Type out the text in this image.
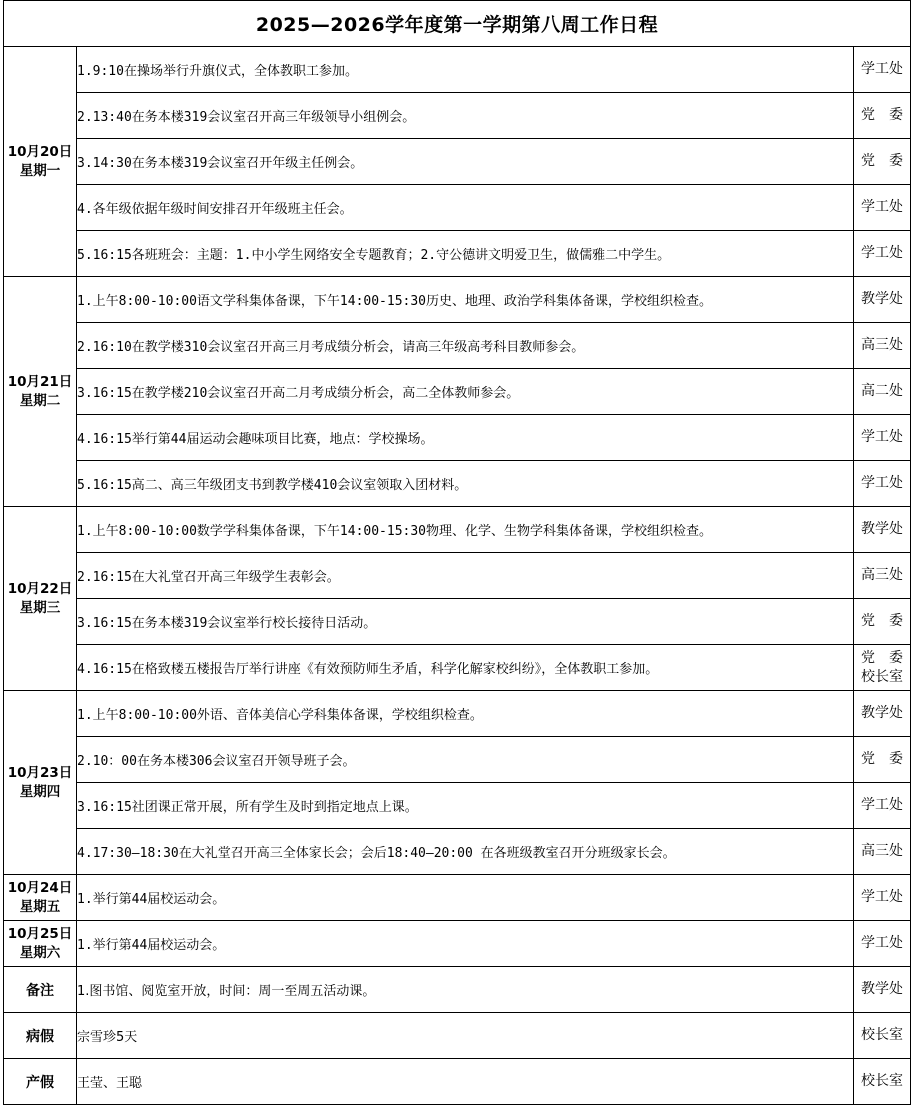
2025—2026学年度第一学期第八周工作日程		

10月20日
星期一	1.9:10在操场举行升旗仪式，全体教职工参加。	学工处

	2.13:40在务本楼319会议室召开高三年级领导小组例会。	党　委

	3.14:30在务本楼319会议室召开年级主任例会。	党　委

	4.各年级依据年级时间安排召开年级班主任会。	学工处

	5.16:15各班班会：主题：1.中小学生网络安全专题教育；2.守公德讲文明爱卫生，做儒雅二中学生。	学工处

10月21日
星期二	1.上午8:00-10:00语文学科集体备课，下午14:00-15:30历史、地理、政治学科集体备课，学校组织检查。	教学处

	2.16:10在教学楼310会议室召开高三月考成绩分析会，请高三年级高考科目教师参会。	高三处

	3.16:15在教学楼210会议室召开高二月考成绩分析会，高二全体教师参会。	高二处

	4.16:15举行第44届运动会趣味项目比赛，地点：学校操场。	学工处

	5.16:15高二、高三年级团支书到教学楼410会议室领取入团材料。	学工处

10月22日
星期三	1.上午8:00-10:00数学学科集体备课，下午14:00-15:30物理、化学、生物学科集体备课，学校组织检查。	教学处

	2.16:15在大礼堂召开高三年级学生表彰会。	高三处

	3.16:15在务本楼319会议室举行校长接待日活动。	党　委

	4.16:15在格致楼五楼报告厅举行讲座《有效预防师生矛盾，科学化解家校纠纷》，全体教职工参加。	党　委
校长室

10月23日
星期四	1.上午8:00-10:00外语、音体美信心学科集体备课，学校组织检查。	教学处

	2.10：00在务本楼306会议室召开领导班子会。	党　委

	3.16:15社团课正常开展，所有学生及时到指定地点上课。	学工处

	4.17:30—18:30在大礼堂召开高三全体家长会；会后18:40—20:00 在各班级教室召开分班级家长会。	高三处

10月24日
星期五	1.举行第44届校运动会。	学工处

10月25日
星期六	1.举行第44届校运动会。	学工处

备注	1.图书馆、阅览室开放，时间：周一至周五活动课。	教学处
病假	宗雪珍5天	校长室
产假	王莹、王聪	校长室
